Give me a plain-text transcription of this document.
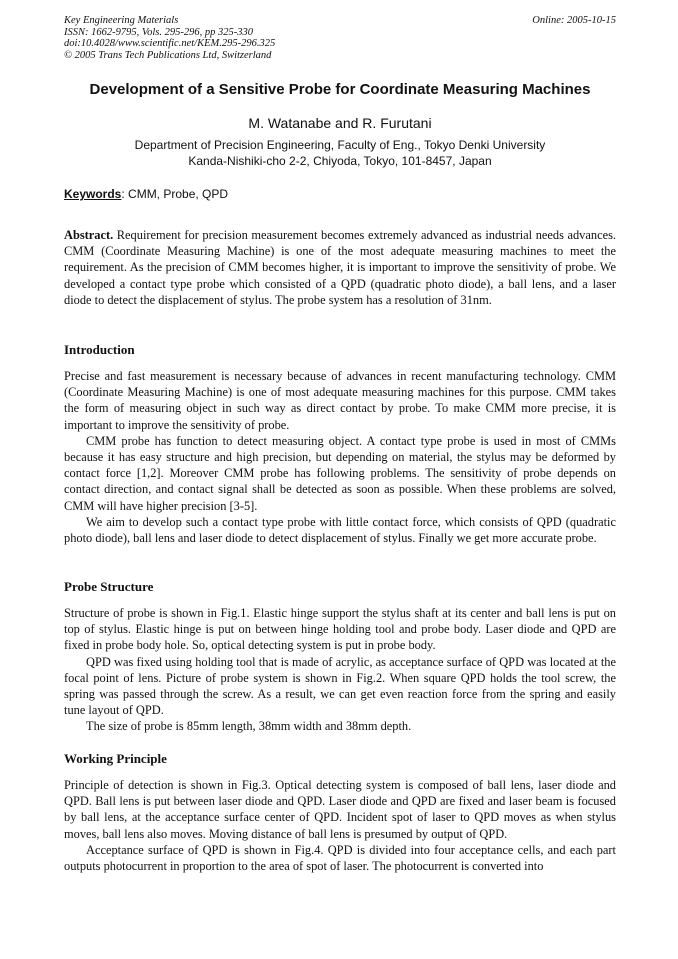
Key Engineering Materials
ISSN: 1662-9795, Vols. 295-296, pp 325-330
doi:10.4028/www.scientific.net/KEM.295-296.325
© 2005 Trans Tech Publications Ltd, Switzerland
Online: 2005-10-15
Development of a Sensitive Probe for Coordinate Measuring Machines
M. Watanabe and R. Furutani
Department of Precision Engineering, Faculty of Eng., Tokyo Denki University
Kanda-Nishiki-cho 2-2, Chiyoda, Tokyo, 101-8457, Japan
Keywords: CMM, Probe, QPD
Abstract. Requirement for precision measurement becomes extremely advanced as industrial needs advances. CMM (Coordinate Measuring Machine) is one of the most adequate measuring machines to meet the requirement. As the precision of CMM becomes higher, it is important to improve the sensitivity of probe. We developed a contact type probe which consisted of a QPD (quadratic photo diode), a ball lens, and a laser diode to detect the displacement of stylus. The probe system has a resolution of 31nm.
Introduction

Precise and fast measurement is necessary because of advances in recent manufacturing technology. CMM (Coordinate Measuring Machine) is one of most adequate measuring machines for this purpose. CMM takes the form of measuring object in such way as direct contact by probe. To make CMM more precise, it is important to improve the sensitivity of probe.

CMM probe has function to detect measuring object. A contact type probe is used in most of CMMs because it has easy structure and high precision, but depending on material, the stylus may be deformed by contact force [1,2]. Moreover CMM probe has following problems. The sensitivity of probe depends on contact direction, and contact signal shall be detected as soon as possible. When these problems are solved, CMM will have higher precision [3-5].

We aim to develop such a contact type probe with little contact force, which consists of QPD (quadratic photo diode), ball lens and laser diode to detect displacement of stylus. Finally we get more accurate probe.

Probe Structure

Structure of probe is shown in Fig.1. Elastic hinge support the stylus shaft at its center and ball lens is put on top of stylus. Elastic hinge is put on between hinge holding tool and probe body. Laser diode and QPD are fixed in probe body hole. So, optical detecting system is put in probe body.

QPD was fixed using holding tool that is made of acrylic, as acceptance surface of QPD was located at the focal point of lens. Picture of probe system is shown in Fig.2. When square QPD holds the tool screw, the spring was passed through the screw. As a result, we can get even reaction force from the spring and easily tune layout of QPD.

The size of probe is 85mm length, 38mm width and 38mm depth.

Working Principle

Principle of detection is shown in Fig.3. Optical detecting system is composed of ball lens, laser diode and QPD. Ball lens is put between laser diode and QPD. Laser diode and QPD are fixed and laser beam is focused by ball lens, at the acceptance surface center of QPD. Incident spot of laser to QPD moves as when stylus moves, ball lens also moves. Moving distance of ball lens is presumed by output of QPD.

Acceptance surface of QPD is shown in Fig.4. QPD is divided into four acceptance cells, and each part outputs photocurrent in proportion to the area of spot of laser. The photocurrent is converted into
